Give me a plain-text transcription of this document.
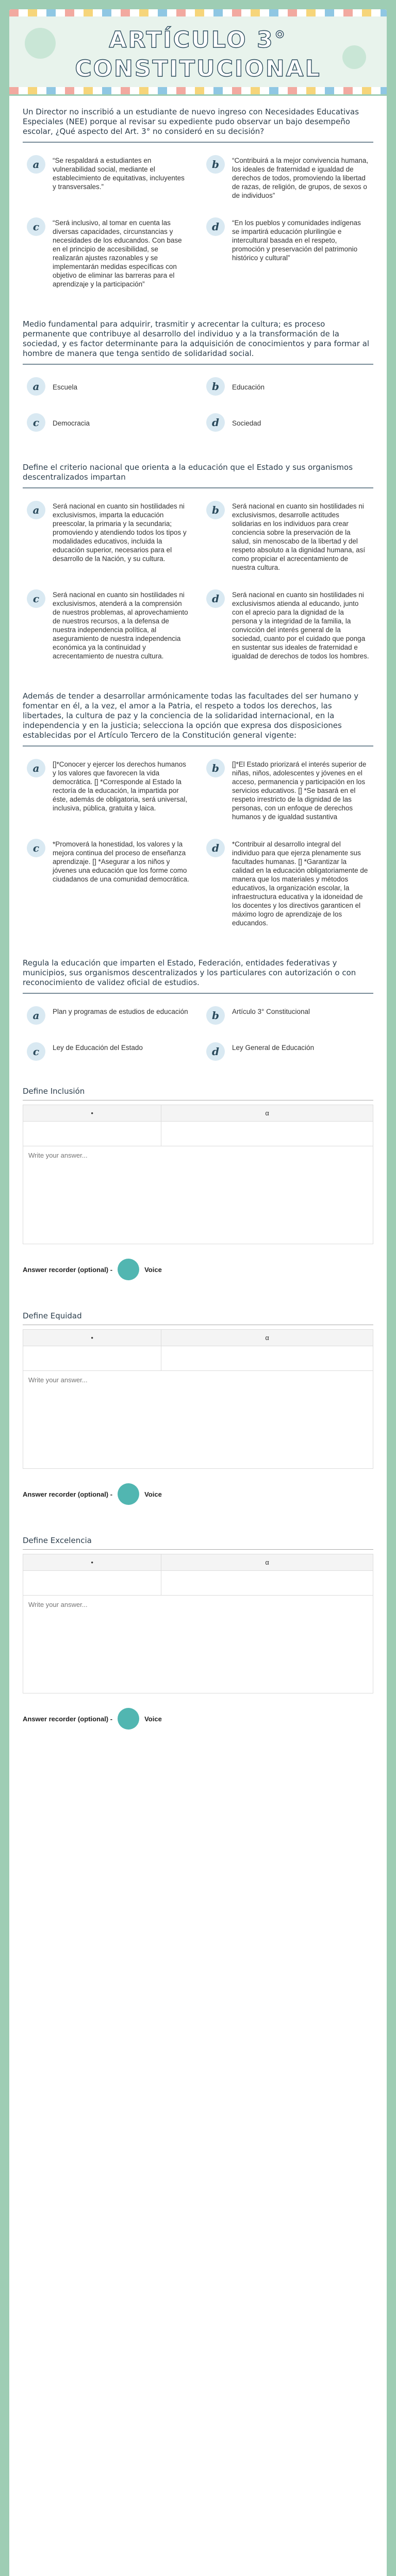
ARTÍCULO 3°
CONSTITUCIONAL
Un Director no inscribió a un estudiante de nuevo ingreso con Necesidades Educativas Especiales (NEE) porque al revisar su expediente pudo observar un bajo desempeño escolar, ¿Qué aspecto del Art. 3° no consideró en su decisión?
a	“Se respaldará a estudiantes en vulnerabilidad social, mediante el establecimiento de equitativas, incluyentes y transversales.”
b	“Contribuirá a la mejor convivencia humana, los ideales de fraternidad e igualdad de derechos de todos, promoviendo la libertad de razas, de religión, de grupos, de sexos o de individuos”
c	“Será inclusivo, al tomar en cuenta las diversas capacidades, circunstancias y necesidades de los educandos. Con base en el principio de accesibilidad, se realizarán ajustes razonables y se implementarán medidas específicas con objetivo de eliminar las barreras para el aprendizaje y la participación”
d	“En los pueblos y comunidades indígenas se impartirá educación plurilingüe e intercultural basada en el respeto, promoción y preservación del patrimonio histórico y cultural”
Medio fundamental para adquirir, trasmitir y acrecentar la cultura; es proceso permanente que contribuye al desarrollo del individuo y a la transformación de la sociedad, y es factor determinante para la adquisición de conocimientos y para formar al hombre de manera que tenga sentido de solidaridad social.
a	Escuela	b	Educación
c	Democracia	d	Sociedad
Define el criterio nacional que orienta a la educación que el Estado y sus organismos descentralizados impartan
a	Será nacional en cuanto sin hostilidades ni exclusivismos, imparta la educación preescolar, la primaria y la secundaria; promoviendo y atendiendo todos los tipos y modalidades educativos, incluida la educación superior, necesarios para el desarrollo de la Nación, y su cultura.
b	Será nacional en cuanto sin hostilidades ni exclusivismos, desarrolle actitudes solidarias en los individuos para crear conciencia sobre la preservación de la salud, sin menoscabo de la libertad y del respeto absoluto a la dignidad humana, así como propiciar el acrecentamiento de nuestra cultura.
c	Será nacional en cuanto sin hostilidades ni exclusivismos, atenderá a la comprensión de nuestros problemas, al aprovechamiento de nuestros recursos, a la defensa de nuestra independencia política, al aseguramiento de nuestra independencia económica ya la continuidad y acrecentamiento de nuestra cultura.
d	Será nacional en cuanto sin hostilidades ni exclusivismos atienda al educando, junto con el aprecio para la dignidad de la persona y la integridad de la familia, la convicción del interés general de la sociedad, cuanto por el cuidado que ponga en sustentar sus ideales de fraternidad e igualdad de derechos de todos los hombres.
Además de tender a desarrollar armónicamente todas las facultades del ser humano y fomentar en él, a la vez, el amor a la Patria, el respeto a todos los derechos, las libertades, la cultura de paz y la conciencia de la solidaridad internacional, en la independencia y en la justicia; selecciona la opción que expresa dos disposiciones establecidas por el Artículo Tercero de la Constitución general vigente:
a	[]*Conocer y ejercer los derechos humanos y los valores que favorecen la vida democrática. [] *Corresponde al Estado la rectoría de la educación, la impartida por éste, además de obligatoria, será universal, inclusiva, pública, gratuita y laica.
b	[]*El Estado priorizará el interés superior de niñas, niños, adolescentes y jóvenes en el acceso, permanencia y participación en los servicios educativos. [] *Se basará en el respeto irrestricto de la dignidad de las personas, con un enfoque de derechos humanos y de igualdad sustantiva
c	*Promoverá la honestidad, los valores y la mejora continua del proceso de enseñanza aprendizaje. [] *Asegurar a los niños y jóvenes una educación que los forme como ciudadanos de una comunidad democrática.
d	*Contribuir al desarrollo integral del individuo para que ejerza plenamente sus facultades humanas. [] *Garantizar la calidad en la educación obligatoriamente de manera que los materiales y métodos educativos, la organización escolar, la infraestructura educativa y la idoneidad de los docentes y los directivos garanticen el máximo logro de aprendizaje de los educandos.
Regula la educación que imparten el Estado, Federación, entidades federativas y municipios, sus organismos descentralizados y los particulares con autorización o con reconocimiento de validez oficial de estudios.
a	Plan y programas de estudios de educación	b	Artículo 3° Constitucional
c	Ley de Educación del Estado	d	Ley General de Educación
Define Inclusión
•	α

Write your answer...
Answer recorder (optional) -	Voice
Define Equidad
•	α

Write your answer...
Answer recorder (optional) -	Voice
Define Excelencia
•	α

Write your answer...
Answer recorder (optional) -	Voice
